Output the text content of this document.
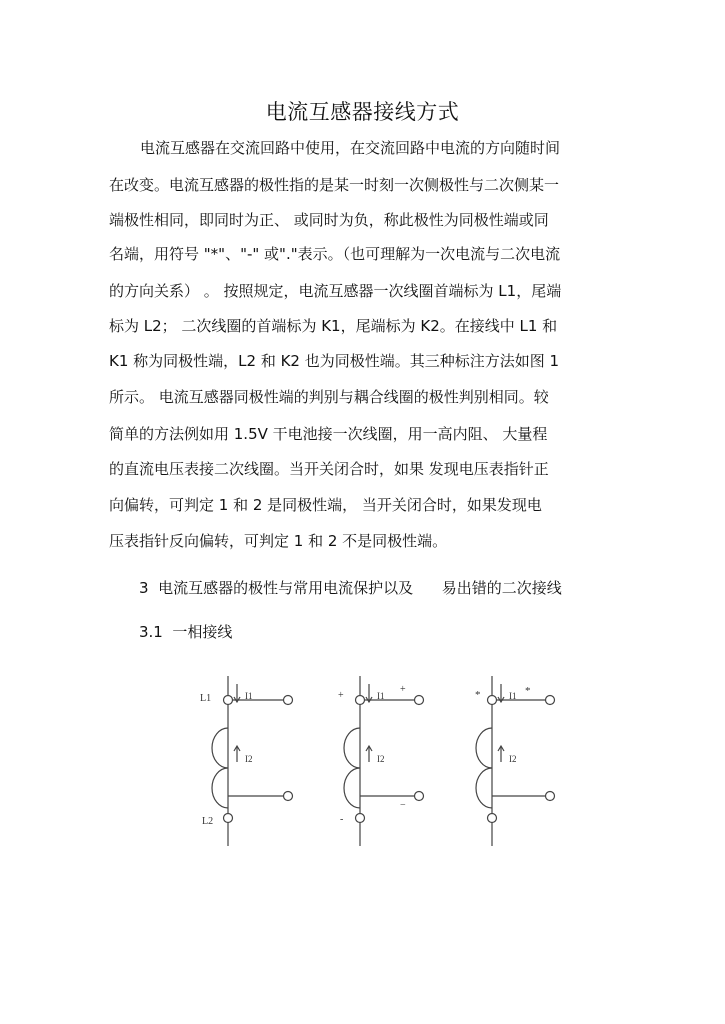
电流互感器接线方式
电流互感器在交流回路中使用，在交流回路中电流的方向随时间
在改变。电流互感器的极性指的是某一时刻一次侧极性与二次侧某一
端极性相同，即同时为正、 或同时为负，称此极性为同极性端或同
名端，用符号 "*"、"-" 或"."表示。（也可理解为一次电流与二次电流
的方向关系） 。 按照规定，电流互感器一次线圈首端标为 L1，尾端
标为 L2； 二次线圈的首端标为 K1，尾端标为 K2。在接线中 L1 和
K1 称为同极性端，L2 和 K2 也为同极性端。其三种标注方法如图 1
所示。 电流互感器同极性端的判别与耦合线圈的极性判别相同。较
简单的方法例如用 1.5V 干电池接一次线圈，用一高内阻、 大量程
的直流电压表接二次线圈。当开关闭合时，如果 发现电压表指针正
向偏转，可判定 1 和 2 是同极性端， 当开关闭合时，如果发现电
压表指针反向偏转，可判定 1 和 2 不是同极性端。
3  电流互感器的极性与常用电流保护以及      易出错的二次接线
3.1  一相接线
L1
L2
I1
I2
+
-
+
−
I1
I2
*	*
I1
I2
